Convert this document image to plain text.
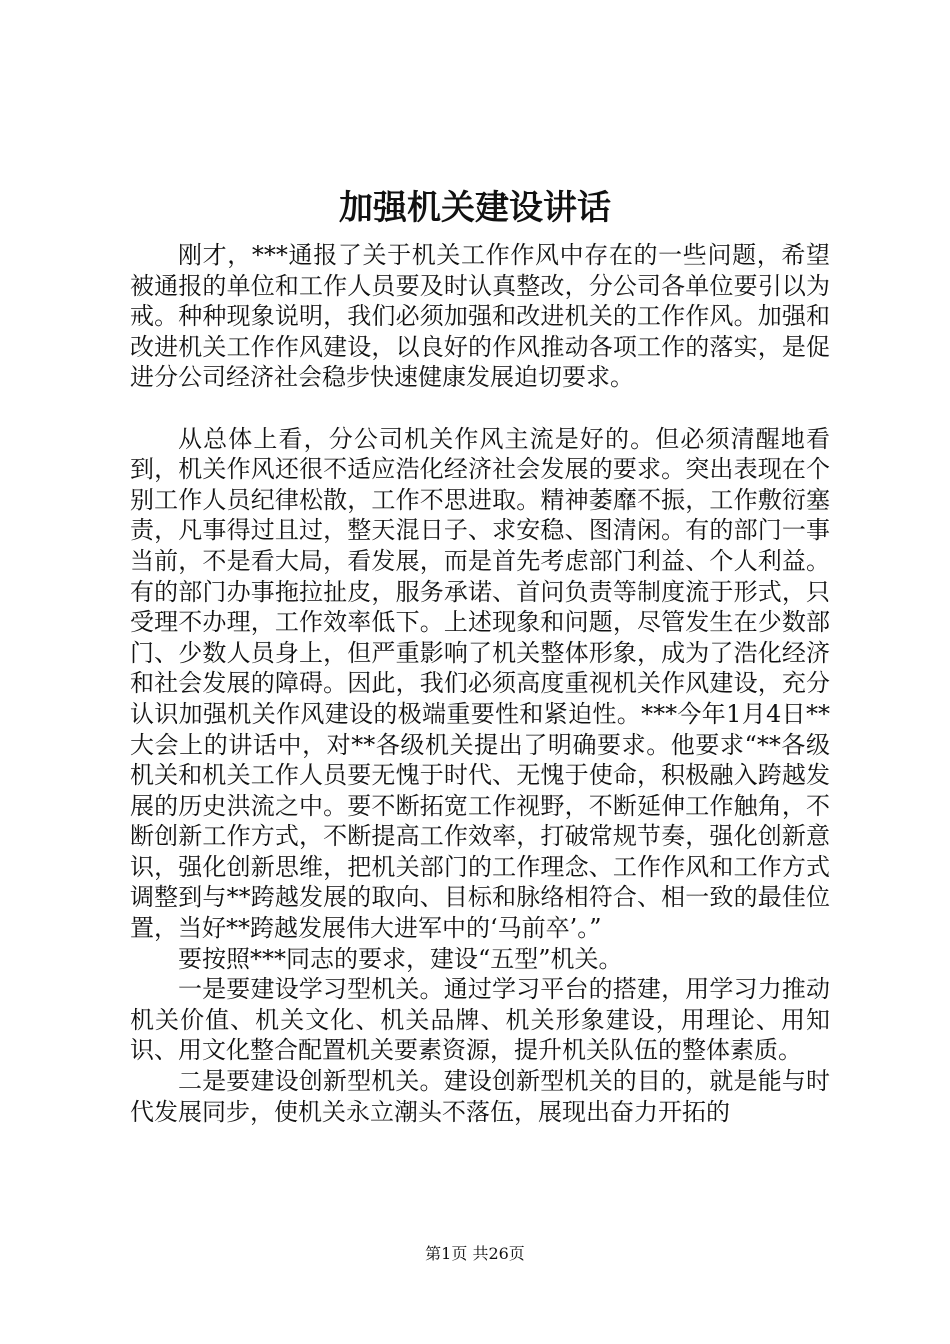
加强机关建设讲话

刚才，***通报了关于机关工作作风中存在的一些问题，希望被通报的单位和工作人员要及时认真整改，分公司各单位要引以为戒。种种现象说明，我们必须加强和改进机关的工作作风。加强和改进机关工作作风建设，以良好的作风推动各项工作的落实，是促进分公司经济社会稳步快速健康发展迫切要求。

从总体上看，分公司机关作风主流是好的。但必须清醒地看到，机关作风还很不适应浩化经济社会发展的要求。突出表现在个别工作人员纪律松散，工作不思进取。精神萎靡不振，工作敷衍塞责，凡事得过且过，整天混日子、求安稳、图清闲。有的部门一事当前，不是看大局，看发展，而是首先考虑部门利益、个人利益。有的部门办事拖拉扯皮，服务承诺、首问负责等制度流于形式，只受理不办理，工作效率低下。上述现象和问题，尽管发生在少数部门、少数人员身上，但严重影响了机关整体形象，成为了浩化经济和社会发展的障碍。因此，我们必须高度重视机关作风建设，充分认识加强机关作风建设的极端重要性和紧迫性。***今年1月4日**大会上的讲话中，对**各级机关提出了明确要求。他要求“**各级机关和机关工作人员要无愧于时代、无愧于使命，积极融入跨越发展的历史洪流之中。要不断拓宽工作视野，不断延伸工作触角，不断创新工作方式，不断提高工作效率，打破常规节奏，强化创新意识，强化创新思维，把机关部门的工作理念、工作作风和工作方式调整到与**跨越发展的取向、目标和脉络相符合、相一致的最佳位置，当好**跨越发展伟大进军中的‘马前卒’。”

要按照***同志的要求，建设“五型”机关。

一是要建设学习型机关。通过学习平台的搭建，用学习力推动机关价值、机关文化、机关品牌、机关形象建设，用理论、用知识、用文化整合配置机关要素资源，提升机关队伍的整体素质。

二是要建设创新型机关。建设创新型机关的目的，就是能与时代发展同步，使机关永立潮头不落伍，展现出奋力开拓的

第1页 共26页
